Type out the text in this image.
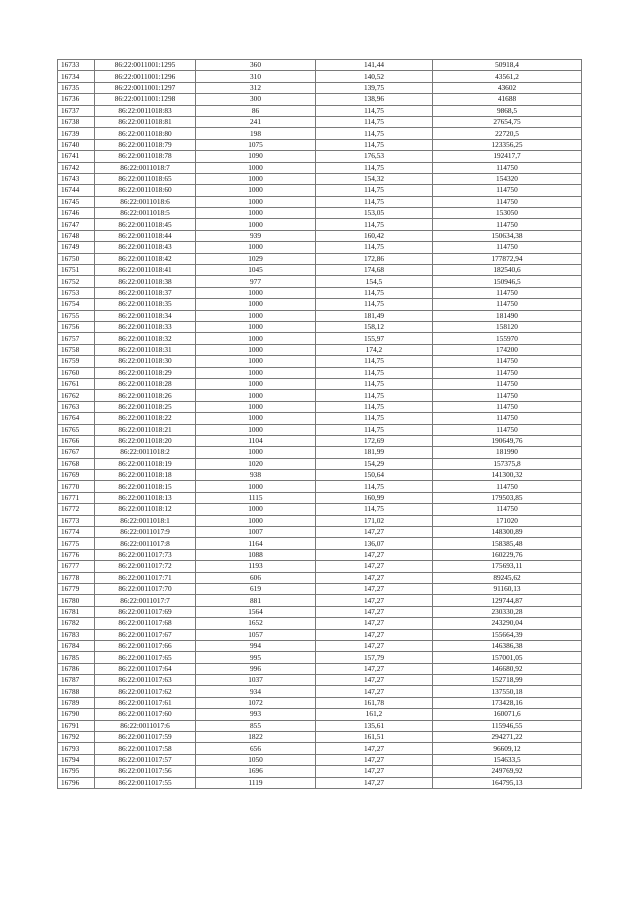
16733	86:22:0011001:1295	360	141,44	50918,4
16734	86:22:0011001:1296	310	140,52	43561,2
16735	86:22:0011001:1297	312	139,75	43602
16736	86:22:0011001:1298	300	138,96	41688
16737	86:22:0011018:83	86	114,75	9868,5
16738	86:22:0011018:81	241	114,75	27654,75
16739	86:22:0011018:80	198	114,75	22720,5
16740	86:22:0011018:79	1075	114,75	123356,25
16741	86:22:0011018:78	1090	176,53	192417,7
16742	86:22:0011018:7	1000	114,75	114750
16743	86:22:0011018:65	1000	154,32	154320
16744	86:22:0011018:60	1000	114,75	114750
16745	86:22:0011018:6	1000	114,75	114750
16746	86:22:0011018:5	1000	153,05	153050
16747	86:22:0011018:45	1000	114,75	114750
16748	86:22:0011018:44	939	160,42	150634,38
16749	86:22:0011018:43	1000	114,75	114750
16750	86:22:0011018:42	1029	172,86	177872,94
16751	86:22:0011018:41	1045	174,68	182540,6
16752	86:22:0011018:38	977	154,5	150946,5
16753	86:22:0011018:37	1000	114,75	114750
16754	86:22:0011018:35	1000	114,75	114750
16755	86:22:0011018:34	1000	181,49	181490
16756	86:22:0011018:33	1000	158,12	158120
16757	86:22:0011018:32	1000	155,97	155970
16758	86:22:0011018:31	1000	174,2	174200
16759	86:22:0011018:30	1000	114,75	114750
16760	86:22:0011018:29	1000	114,75	114750
16761	86:22:0011018:28	1000	114,75	114750
16762	86:22:0011018:26	1000	114,75	114750
16763	86:22:0011018:25	1000	114,75	114750
16764	86:22:0011018:22	1000	114,75	114750
16765	86:22:0011018:21	1000	114,75	114750
16766	86:22:0011018:20	1104	172,69	190649,76
16767	86:22:0011018:2	1000	181,99	181990
16768	86:22:0011018:19	1020	154,29	157375,8
16769	86:22:0011018:18	938	150,64	141300,32
16770	86:22:0011018:15	1000	114,75	114750
16771	86:22:0011018:13	1115	160,99	179503,85
16772	86:22:0011018:12	1000	114,75	114750
16773	86:22:0011018:1	1000	171,02	171020
16774	86:22:0011017:9	1007	147,27	148300,89
16775	86:22:0011017:8	1164	136,07	158385,48
16776	86:22:0011017:73	1088	147,27	160229,76
16777	86:22:0011017:72	1193	147,27	175693,11
16778	86:22:0011017:71	606	147,27	89245,62
16779	86:22:0011017:70	619	147,27	91160,13
16780	86:22:0011017:7	881	147,27	129744,87
16781	86:22:0011017:69	1564	147,27	230330,28
16782	86:22:0011017:68	1652	147,27	243290,04
16783	86:22:0011017:67	1057	147,27	155664,39
16784	86:22:0011017:66	994	147,27	146386,38
16785	86:22:0011017:65	995	157,79	157001,05
16786	86:22:0011017:64	996	147,27	146680,92
16787	86:22:0011017:63	1037	147,27	152718,99
16788	86:22:0011017:62	934	147,27	137550,18
16789	86:22:0011017:61	1072	161,78	173428,16
16790	86:22:0011017:60	993	161,2	160071,6
16791	86:22:0011017:6	855	135,61	115946,55
16792	86:22:0011017:59	1822	161,51	294271,22
16793	86:22:0011017:58	656	147,27	96609,12
16794	86:22:0011017:57	1050	147,27	154633,5
16795	86:22:0011017:56	1696	147,27	249769,92
16796	86:22:0011017:55	1119	147,27	164795,13
